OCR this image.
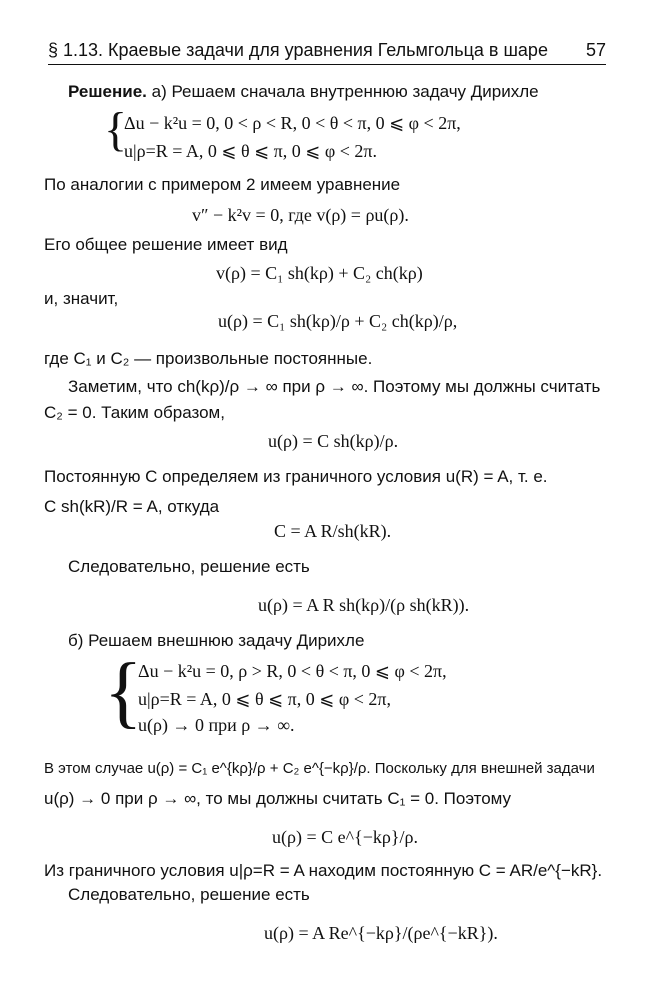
§ 1.13. Краевые задачи для уравнения Гельмгольца в шаре 57
Решение. а) Решаем сначала внутреннюю задачу Дирихле
{
Δu − k²u = 0, 0 < ρ < R, 0 < θ < π, 0 ⩽ φ < 2π,
u|ρ=R = A, 0 ⩽ θ ⩽ π, 0 ⩽ φ < 2π.
По аналогии с примером 2 имеем уравнение
v″ − k²v = 0, где v(ρ) = ρu(ρ).
Его общее решение имеет вид
v(ρ) = C₁ sh(kρ) + C₂ ch(kρ)
и, значит,
u(ρ) = C₁ sh(kρ)/ρ + C₂ ch(kρ)/ρ,
где C₁ и C₂ — произвольные постоянные.
Заметим, что ch(kρ)/ρ → ∞ при ρ → ∞. Поэтому мы должны считать
C₂ = 0. Таким образом,
u(ρ) = C sh(kρ)/ρ.
Постоянную C определяем из граничного условия u(R) = A, т. е.
C sh(kR)/R = A, откуда
C = A R/sh(kR).
Следовательно, решение есть
u(ρ) = A R sh(kρ)/(ρ sh(kR)).
б) Решаем внешнюю задачу Дирихле
{
Δu − k²u = 0, ρ > R, 0 < θ < π, 0 ⩽ φ < 2π,
u|ρ=R = A, 0 ⩽ θ ⩽ π, 0 ⩽ φ < 2π,
u(ρ) → 0 при ρ → ∞.
В этом случае u(ρ) = C₁ e^{kρ}/ρ + C₂ e^{−kρ}/ρ. Поскольку для внешней задачи
u(ρ) → 0 при ρ → ∞, то мы должны считать C₁ = 0. Поэтому
u(ρ) = C e^{−kρ}/ρ.
Из граничного условия u|ρ=R = A находим постоянную C = AR/e^{−kR}.
Следовательно, решение есть
u(ρ) = A Re^{−kρ}/(ρe^{−kR}).
